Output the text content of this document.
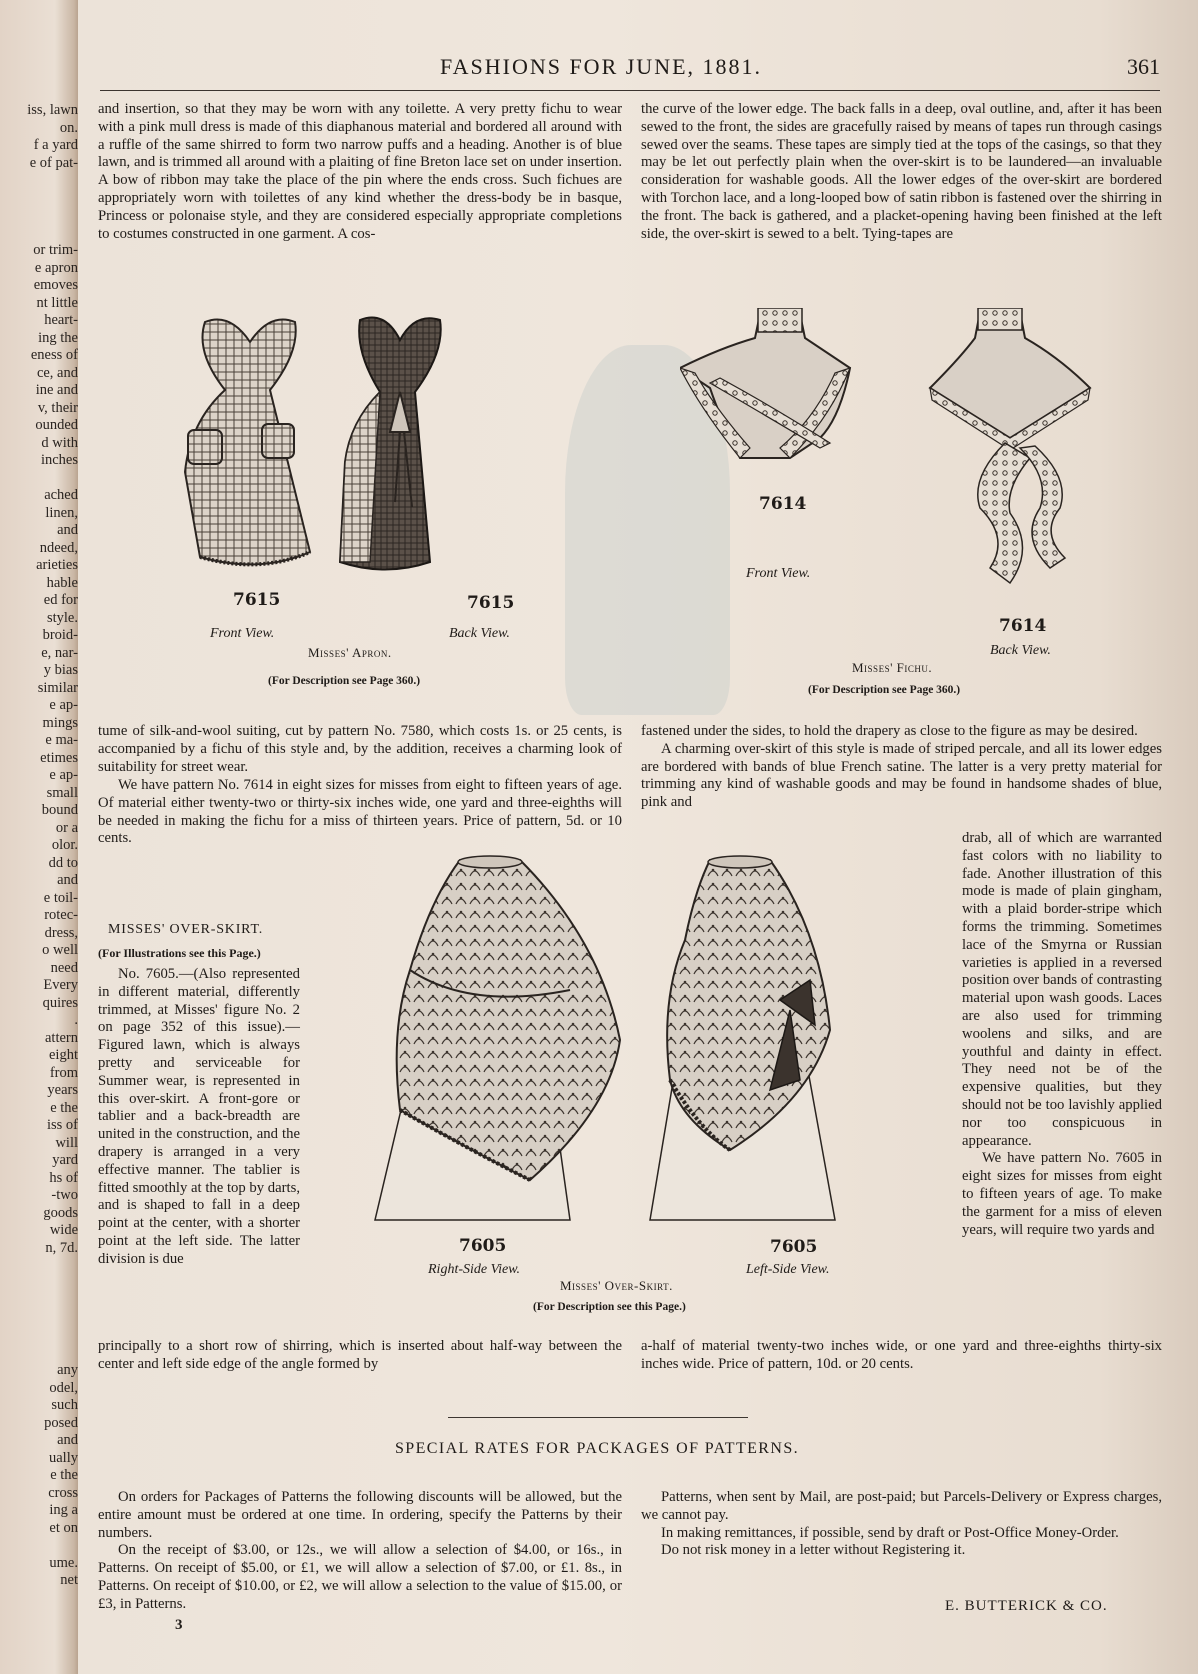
iss, lawn
on.
f a yard
e of pat-
or trim-
e apron
emoves
nt little
heart-
ing the
eness of
ce, and
ine and
v, their
ounded
d with
inches
ached
linen,
and
ndeed,
arieties
hable
ed for
style.
broid-
e, nar-
y bias
similar
e ap-
mings
e ma-
etimes
e ap-
small
bound
or a
olor.
dd to
and
e toil-
rotec-
dress,
o well
need
Every
quires
.
attern
eight
from
years
e the
iss of
will
yard
hs of
-two
goods
wide
n, 7d.
any
odel,
such
posed
and
ually
e the
cross
ing a
et on
ume.
net
FASHIONS FOR JUNE, 1881.	361

and insertion, so that they may be worn with any toilette. A very pretty fichu to wear with a pink mull dress is made of this diaphanous material and bordered all around with a ruffle of the same shirred to form two narrow puffs and a heading. Another is of blue lawn, and is trimmed all around with a plaiting of fine Breton lace set on under insertion. A bow of ribbon may take the place of the pin where the ends cross. Such fichues are appropriately worn with toilettes of any kind whether the dress-body be in basque, Princess or polonaise style, and they are considered especially appropriate completions to costumes constructed in one garment. A cos-

the curve of the lower edge. The back falls in a deep, oval outline, and, after it has been sewed to the front, the sides are gracefully raised by means of tapes run through casings sewed over the seams. These tapes are simply tied at the tops of the casings, so that they may be let out perfectly plain when the over-skirt is to be laundered—an invaluable consideration for washable goods. All the lower edges of the over-skirt are bordered with Torchon lace, and a long-looped bow of satin ribbon is fastened over the shirring in the front. The back is gathered, and a placket-opening having been finished at the left side, the over-skirt is sewed to a belt. Tying-tapes are

7615
Front View.
7615
Back View.
Misses' Apron.
(For Description see Page 360.)
7614
Front View.
7614
Back View.
Misses' Fichu.
(For Description see Page 360.)

tume of silk-and-wool suiting, cut by pattern No. 7580, which costs 1s. or 25 cents, is accompanied by a fichu of this style and, by the addition, receives a charming look of suitability for street wear.

We have pattern No. 7614 in eight sizes for misses from eight to fifteen years of age. Of material either twenty-two or thirty-six inches wide, one yard and three-eighths will be needed in making the fichu for a miss of thirteen years. Price of pattern, 5d. or 10 cents.

fastened under the sides, to hold the drapery as close to the figure as may be desired.

A charming over-skirt of this style is made of striped percale, and all its lower edges are bordered with bands of blue French satine. The latter is a very pretty material for trimming any kind of washable goods and may be found in handsome shades of blue, pink and

MISSES' OVER-SKIRT.
(For Illustrations see this Page.)

No. 7605.—(Also represented in different material, differently trimmed, at Misses' figure No. 2 on page 352 of this issue).—Figured lawn, which is always pretty and serviceable for Summer wear, is represented in this over-skirt. A front-gore or tablier and a back-breadth are united in the construction, and the drapery is arranged in a very effective manner. The tablier is fitted smoothly at the top by darts, and is shaped to fall in a deep point at the center, with a shorter point at the left side. The latter division is due

drab, all of which are warranted fast colors with no liability to fade. Another illustration of this mode is made of plain gingham, with a plaid border-stripe which forms the trimming. Sometimes lace of the Smyrna or Russian varieties is applied in a reversed position over bands of contrasting material upon wash goods. Laces are also used for trimming woolens and silks, and are youthful and dainty in effect. They need not be of the expensive qualities, but they should not be too lavishly applied nor too conspicuous in appearance.

We have pattern No. 7605 in eight sizes for misses from eight to fifteen years of age. To make the garment for a miss of eleven years, will require two yards and

7605
Right-Side View.
7605
Left-Side View.
Misses' Over-Skirt.
(For Description see this Page.)

principally to a short row of shirring, which is inserted about half-way between the center and left side edge of the angle formed by

a-half of material twenty-two inches wide, or one yard and three-eighths thirty-six inches wide. Price of pattern, 10d. or 20 cents.

SPECIAL RATES FOR PACKAGES OF PATTERNS.

On orders for Packages of Patterns the following discounts will be allowed, but the entire amount must be ordered at one time. In ordering, specify the Patterns by their numbers.

On the receipt of $3.00, or 12s., we will allow a selection of $4.00, or 16s., in Patterns. On receipt of $5.00, or £1, we will allow a selection of $7.00, or £1. 8s., in Patterns. On receipt of $10.00, or £2, we will allow a selection to the value of $15.00, or £3, in Patterns.

Patterns, when sent by Mail, are post-paid; but Parcels-Delivery or Express charges, we cannot pay.

In making remittances, if possible, send by draft or Post-Office Money-Order.

Do not risk money in a letter without Registering it.

E. BUTTERICK & CO.
3
